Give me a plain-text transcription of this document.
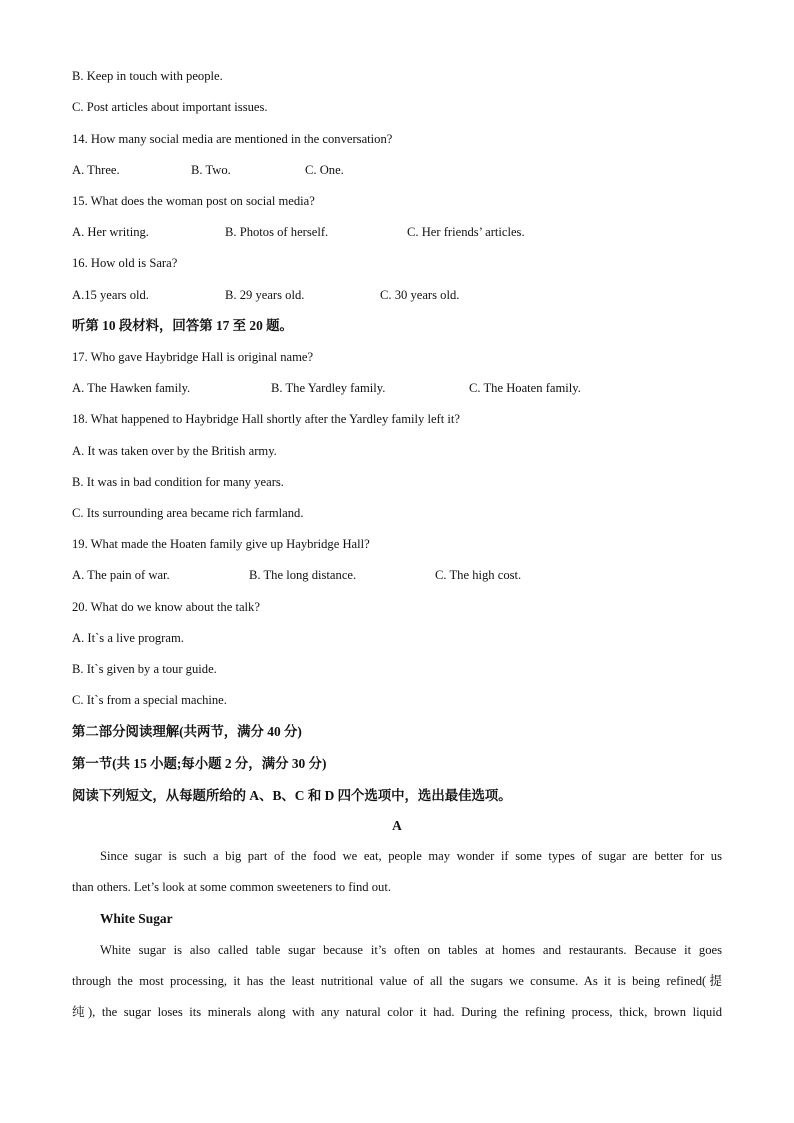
B. Keep in touch with people.
C. Post articles about important issues.
14. How many social media are mentioned in the conversation?
A. Three.	B. Two.	C. One.
15. What does the woman post on social media?
A. Her writing.	B. Photos of herself.	C. Her friends’ articles.
16. How old is Sara?
A.15 years old.	B. 29 years old.	C. 30 years old.
听第 10 段材料，回答第 17 至 20 题。
17. Who gave Haybridge Hall is original name?
A. The Hawken family.	B. The Yardley family.	C. The Hoaten family.
18. What happened to Haybridge Hall shortly after the Yardley family left it?
A. It was taken over by the British army.
B. It was in bad condition for many years.
C. Its surrounding area became rich farmland.
19. What made the Hoaten family give up Haybridge Hall?
A. The pain of war.	B. The long distance.	C. The high cost.
20. What do we know about the talk?
A. It`s a live program.
B. It`s given by a tour guide.
C. It`s from a special machine.
第二部分阅读理解(共两节，满分 40 分)
第一节(共 15 小题;每小题 2 分，满分 30 分)
阅读下列短文，从每题所给的 A、B、C 和 D 四个选项中，选出最佳选项。
A
Since sugar is such a big part of the food we eat, people may wonder if some types of sugar are better for us
than others. Let’s look at some common sweeteners to find out.
White Sugar
White sugar is also called table sugar because it’s often on tables at homes and restaurants. Because it goes
through the most processing, it has the least nutritional value of all the sugars we consume. As it is being refined(提
纯), the sugar loses its minerals along with any natural color it had. During the refining process, thick, brown liquid
